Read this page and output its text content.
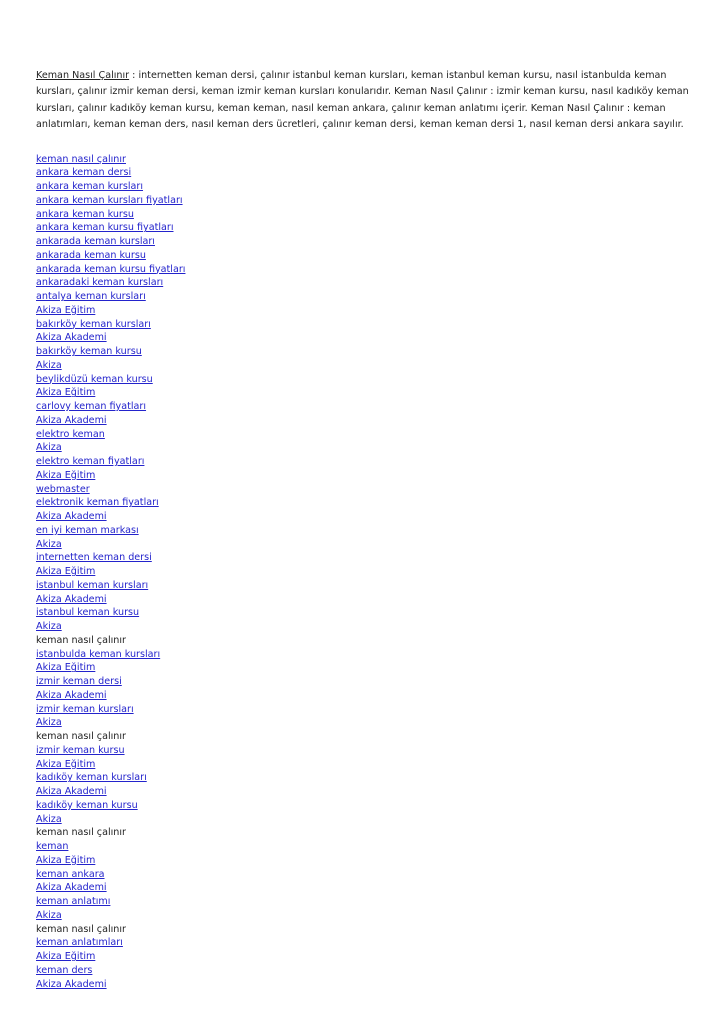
Keman Nasıl Çalınır : internetten keman dersi, çalınır istanbul keman kursları, keman istanbul keman kursu, nasıl istanbulda keman kursları, çalınır izmir keman dersi, keman izmir keman kursları konularıdır. Keman Nasıl Çalınır : izmir keman kursu, nasıl kadıköy keman kursları, çalınır kadıköy keman kursu, keman keman, nasıl keman ankara, çalınır keman anlatımı içerir. Keman Nasıl Çalınır : keman anlatımları, keman keman ders, nasıl keman ders ücretleri, çalınır keman dersi, keman keman dersi 1, nasıl keman dersi ankara sayılır.

keman nasıl çalınır
ankara keman dersi
ankara keman kursları
ankara keman kursları fiyatları
ankara keman kursu
ankara keman kursu fiyatları
ankarada keman kursları
ankarada keman kursu
ankarada keman kursu fiyatları
ankaradaki keman kursları
antalya keman kursları
Akiza Eğitim
bakırköy keman kursları
Akiza Akademi
bakırköy keman kursu
Akiza
beylikdüzü keman kursu
Akiza Eğitim
carlovy keman fiyatları
Akiza Akademi
elektro keman
Akiza
elektro keman fiyatları
Akiza Eğitim
webmaster
elektronik keman fiyatları
Akiza Akademi
en iyi keman markası
Akiza
internetten keman dersi
Akiza Eğitim
istanbul keman kursları
Akiza Akademi
istanbul keman kursu
Akiza
keman nasıl çalınır
istanbulda keman kursları
Akiza Eğitim
izmir keman dersi
Akiza Akademi
izmir keman kursları
Akiza
keman nasıl çalınır
izmir keman kursu
Akiza Eğitim
kadıköy keman kursları
Akiza Akademi
kadıköy keman kursu
Akiza
keman nasıl çalınır
keman
Akiza Eğitim
keman ankara
Akiza Akademi
keman anlatımı
Akiza
keman nasıl çalınır
keman anlatımları
Akiza Eğitim
keman ders
Akiza Akademi
